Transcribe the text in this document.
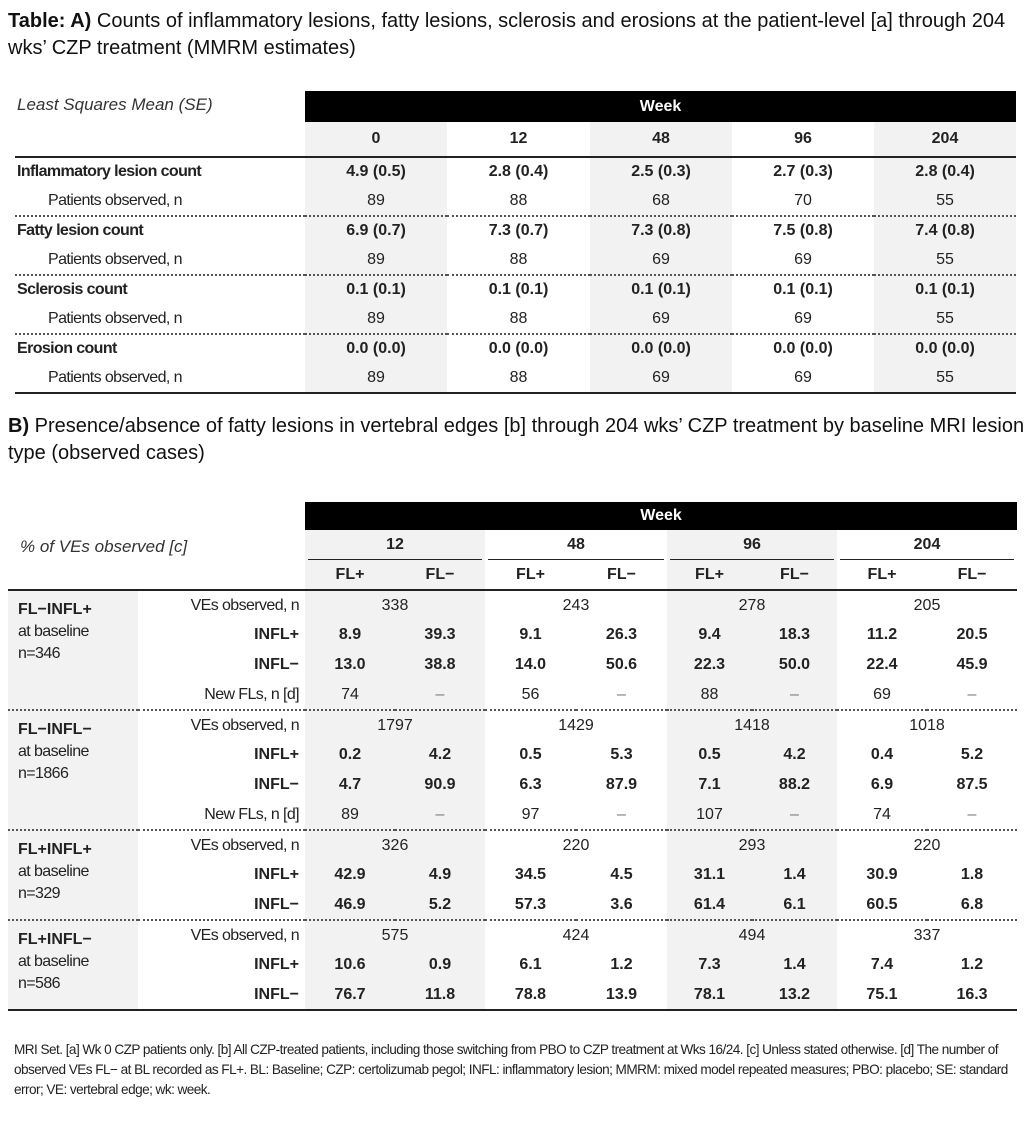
Table: A) Counts of inflammatory lesions, fatty lesions, sclerosis and erosions at the patient-level [a] through 204 wks’ CZP treatment (MMRM estimates)
Least Squares Mean (SE)	Week				
	0	12	48	96	204
Inflammatory lesion count	4.9 (0.5)	2.8 (0.4)	2.5 (0.3)	2.7 (0.3)	2.8 (0.4)
Patients observed, n	89	88	68	70	55
Fatty lesion count	6.9 (0.7)	7.3 (0.7)	7.3 (0.8)	7.5 (0.8)	7.4 (0.8)
Patients observed, n	89	88	69	69	55
Sclerosis count	0.1 (0.1)	0.1 (0.1)	0.1 (0.1)	0.1 (0.1)	0.1 (0.1)
Patients observed, n	89	88	69	69	55
Erosion count	0.0 (0.0)	0.0 (0.0)	0.0 (0.0)	0.0 (0.0)	0.0 (0.0)
Patients observed, n	89	88	69	69	55
B) Presence/absence of fatty lesions in vertebral edges [b] through 204 wks’ CZP treatment by baseline MRI lesion type (observed cases)
% of VEs observed [c]		Week							

		12		48		96		204	

		FL+	FL−	FL+	FL−	FL+	FL−	FL+	FL−

FL−INFL+
at baseline
n=346	VEs observed, n	338		243		278		205	
	INFL+	8.9	39.3	9.1	26.3	9.4	18.3	11.2	20.5
	INFL−	13.0	38.8	14.0	50.6	22.3	50.0	22.4	45.9
	New FLs, n [d]	74	–	56	–	88	–	69	–

FL−INFL−
at baseline
n=1866	VEs observed, n	1797		1429		1418		1018	
	INFL+	0.2	4.2	0.5	5.3	0.5	4.2	0.4	5.2
	INFL−	4.7	90.9	6.3	87.9	7.1	88.2	6.9	87.5
	New FLs, n [d]	89	–	97	–	107	–	74	–

FL+INFL+
at baseline
n=329	VEs observed, n	326		220		293		220	
	INFL+	42.9	4.9	34.5	4.5	31.1	1.4	30.9	1.8
	INFL−	46.9	5.2	57.3	3.6	61.4	6.1	60.5	6.8

FL+INFL−
at baseline
n=586	VEs observed, n	575		424		494		337	
	INFL+	10.6	0.9	6.1	1.2	7.3	1.4	7.4	1.2
	INFL−	76.7	11.8	78.8	13.9	78.1	13.2	75.1	16.3
MRI Set. [a] Wk 0 CZP patients only. [b] All CZP-treated patients, including those switching from PBO to CZP treatment at Wks 16/24. [c] Unless stated otherwise. [d] The number of observed VEs FL− at BL recorded as FL+. BL: Baseline; CZP: certolizumab pegol; INFL: inflammatory lesion; MMRM: mixed model repeated measures; PBO: placebo; SE: standard error; VE: vertebral edge; wk: week.
